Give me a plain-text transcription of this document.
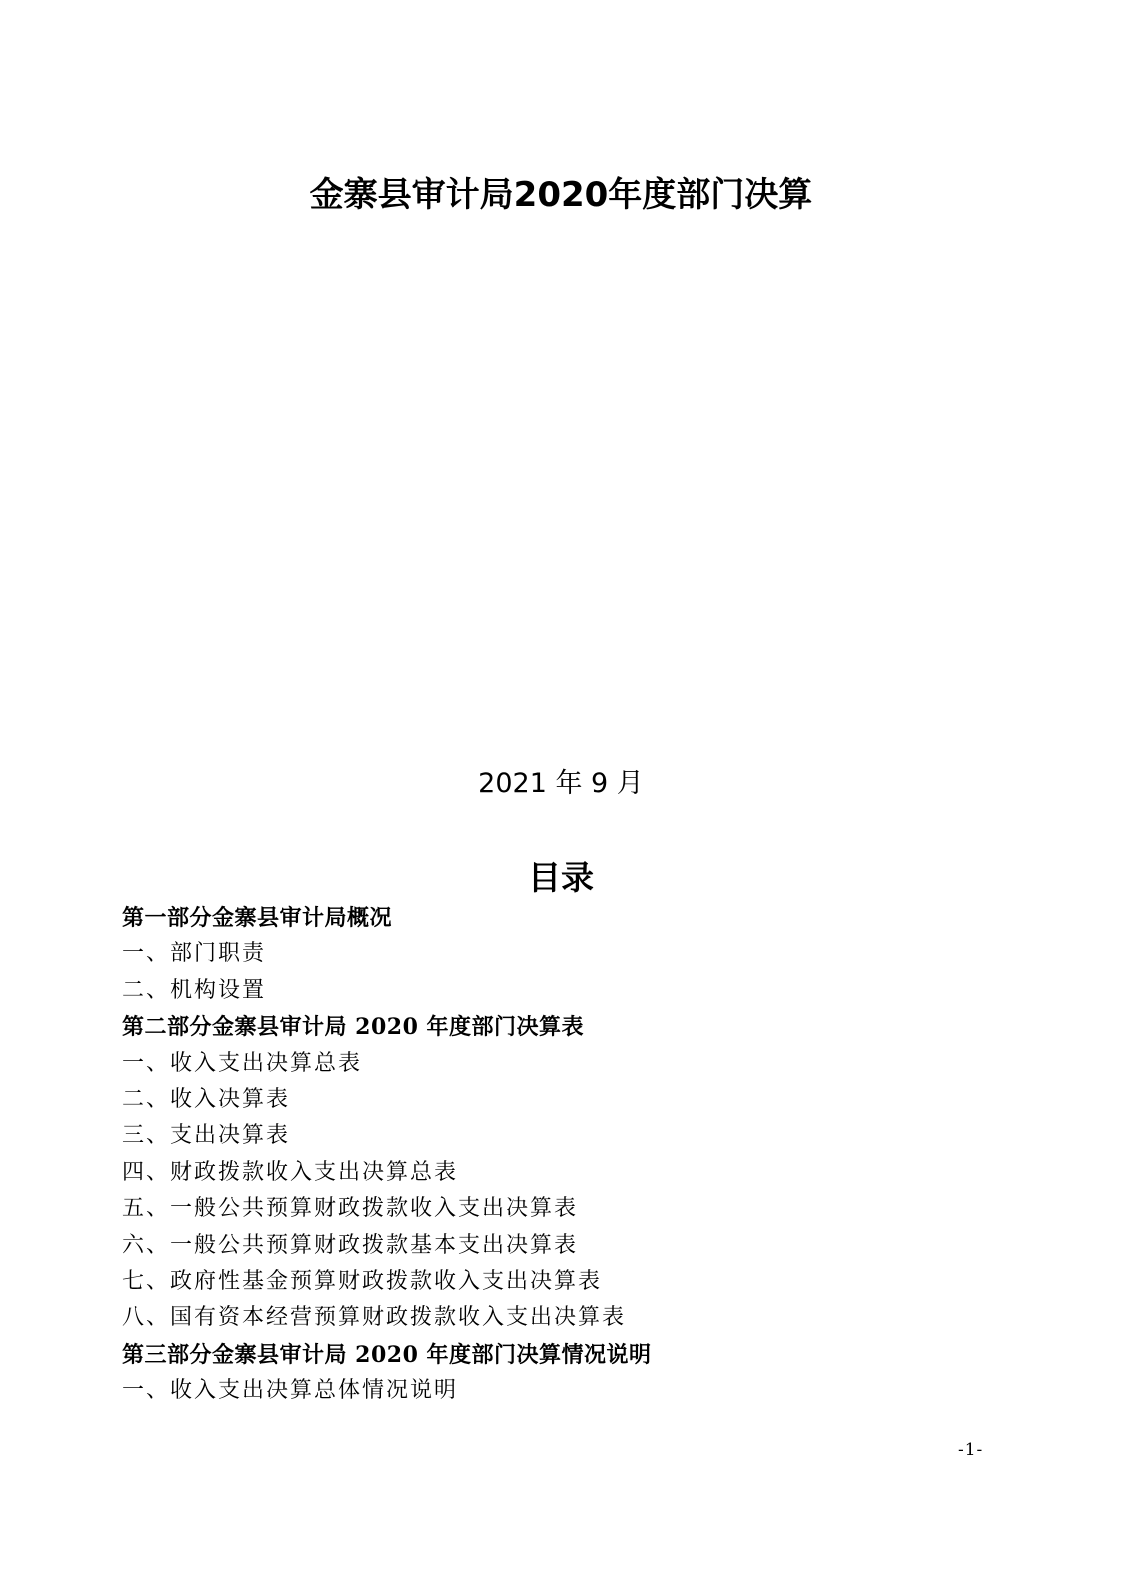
金寨县审计局2020年度部门决算
2021 年 9 月
目录
第一部分金寨县审计局概况
一、部门职责
二、机构设置
第二部分金寨县审计局 2020 年度部门决算表
一、收入支出决算总表
二、收入决算表
三、支出决算表
四、财政拨款收入支出决算总表
五、一般公共预算财政拨款收入支出决算表
六、一般公共预算财政拨款基本支出决算表
七、政府性基金预算财政拨款收入支出决算表
八、国有资本经营预算财政拨款收入支出决算表
第三部分金寨县审计局 2020 年度部门决算情况说明
一、收入支出决算总体情况说明
-1-
